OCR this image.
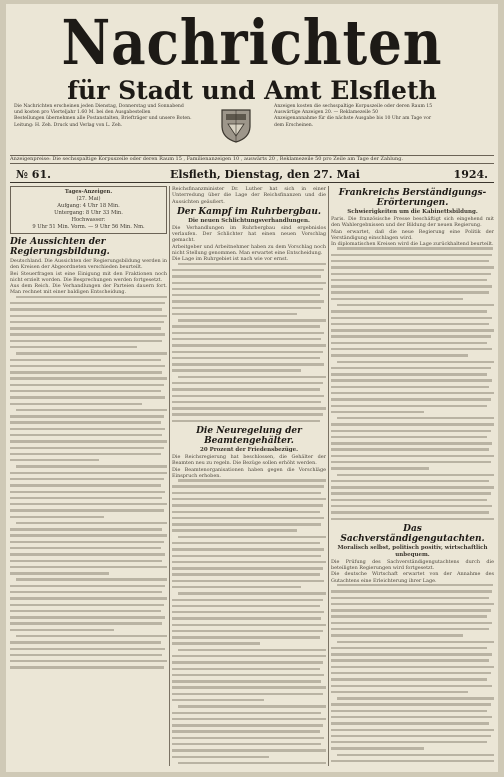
Nachrichten
für Stadt und Amt Elsfleth
Die Nachrichten erscheinen jeden Dienstag, Donnerstag und Sonnabend
und kosten pro Vierteljahr 1.60 M. bei den Ausgabestellen
Bestellungen übernehmen alle Postanstalten, Briefträger und unsere Boten.
Leitung: H. Zeh. Druck und Verlag von L. Zeh.
Anzeigen kosten die sechsspaltige Korpuszeile oder deren Raum 15
Auswärtige Anzeigen 20. — Reklamezeile 50
Anzeigenannahme für die nächste Ausgabe bis 10 Uhr am Tage vor
dem Erscheinen.
Anzeigenpreise: Die sechsspaltige Korpuszeile oder deren Raum 15 , Familienanzeigen 10 , auswärts 20 , Reklamezeile 50 pro Zeile am Tage der Zahlung.
№ 61.	Elsfleth, Dienstag, den 27. Mai	1924.
Tages-Anzeigen.
(27. Mai)
Aufgang: 4 Uhr 18 Min.
Untergang: 8 Uhr 33 Min.
Hochwasser:
9 Uhr 51 Min. Vorm. — 9 Uhr 56 Min. Nm.
Die Aussichten der Regierungsbildung.

Deutschland. Die Aussichten der Regierungsbildung werden in den Kreisen der Abgeordneten verschieden beurteilt.

Bei Steuerfragen ist eine Einigung mit den Fraktionen noch nicht erzielt worden. Die Besprechungen werden fortgesetzt.

Aus dem Reich. Die Verhandlungen der Parteien dauern fort. Man rechnet mit einer baldigen Entscheidung.

Reichsfinanzminister Dr. Luther hat sich in einer Unterredung über die Lage der Reichsfinanzen und die Aussichten geäußert.

Der Kampf im Ruhrbergbau.
Die neuen Schlichtungsverhandlungen.

Die Verhandlungen im Ruhrbergbau sind ergebnislos verlaufen. Der Schlichter hat einen neuen Vorschlag gemacht.

Arbeitgeber und Arbeitnehmer haben zu dem Vorschlag noch nicht Stellung genommen. Man erwartet eine Entscheidung.

Die Lage im Ruhrgebiet ist nach wie vor ernst.

Die Neuregelung der Beamtengehälter.
20 Prozent der Friedensbezüge.

Die Reichsregierung hat beschlossen, die Gehälter der Beamten neu zu regeln. Die Bezüge sollen erhöht werden.

Die Beamtenorganisationen haben gegen die Vorschläge Einspruch erhoben.

Frankreichs Berständigungs-Erörterungen.
Schwierigkeiten um die Kabinettsbildung.

Paris. Die französische Presse beschäftigt sich eingehend mit den Wahlergebnissen und der Bildung der neuen Regierung.

Man erwartet, daß die neue Regierung eine Politik der Verständigung einschlagen wird.

In diplomatischen Kreisen wird die Lage zurückhaltend beurteilt.

Das Sachverständigengutachten.
Moralisch selbst, politisch positiv, wirtschaftlich unbequem.

Die Prüfung des Sachverständigengutachtens durch die beteiligten Regierungen wird fortgesetzt.

Die deutsche Wirtschaft erwartet von der Annahme des Gutachtens eine Erleichterung ihrer Lage.
